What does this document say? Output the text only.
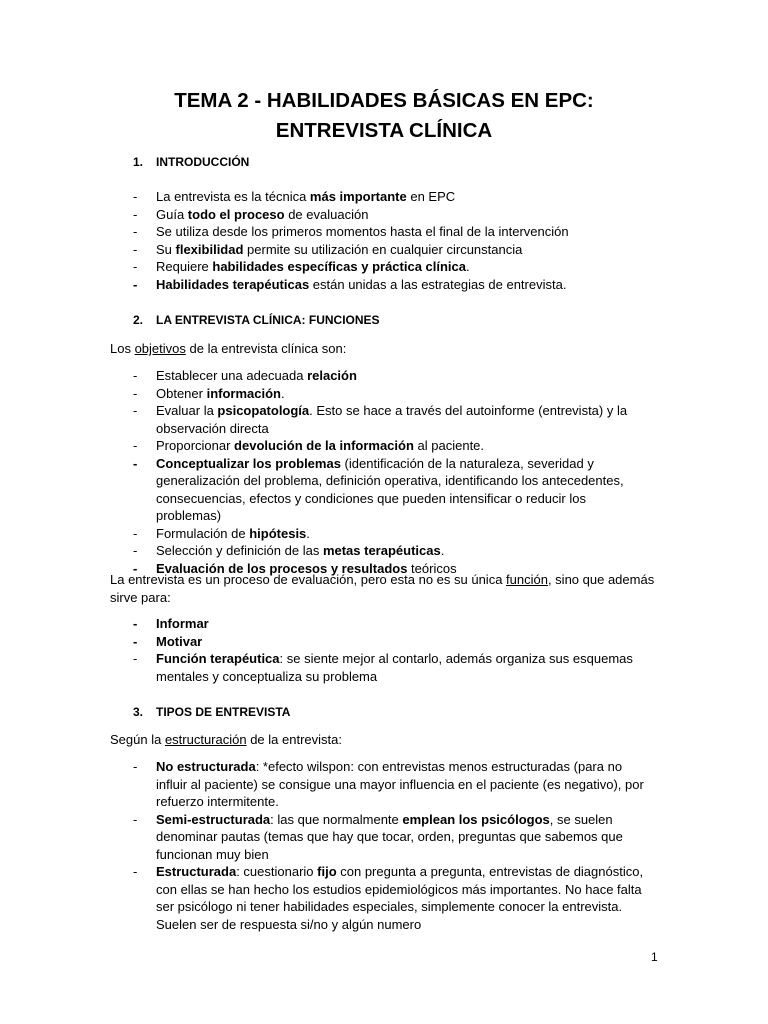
TEMA 2 - HABILIDADES BÁSICAS EN EPC: ENTREVISTA CLÍNICA
1. INTRODUCCIÓN
- La entrevista es la técnica más importante en EPC
- Guía todo el proceso de evaluación
- Se utiliza desde los primeros momentos hasta el final de la intervención
- Su flexibilidad permite su utilización en cualquier circunstancia
- Requiere habilidades específicas y práctica clínica.
- Habilidades terapéuticas están unidas a las estrategias de entrevista.
2. LA ENTREVISTA CLÍNICA: FUNCIONES

Los objetivos de la entrevista clínica son:

- Establecer una adecuada relación
- Obtener información.
- Evaluar la psicopatología. Esto se hace a través del autoinforme (entrevista) y la observación directa
- Proporcionar devolución de la información al paciente.
- Conceptualizar los problemas (identificación de la naturaleza, severidad y generalización del problema, definición operativa, identificando los antecedentes, consecuencias, efectos y condiciones que pueden intensificar o reducir los problemas)
- Formulación de hipótesis.
- Selección y definición de las metas terapéuticas.
- Evaluación de los procesos y resultados teóricos

La entrevista es un proceso de evaluación, pero esta no es su única función, sino que además sirve para:

- Informar
- Motivar
- Función terapéutica: se siente mejor al contarlo, además organiza sus esquemas mentales y conceptualiza su problema
3. TIPOS DE ENTREVISTA

Según la estructuración de la entrevista:

- No estructurada: *efecto wilspon: con entrevistas menos estructuradas (para no influir al paciente) se consigue una mayor influencia en el paciente (es negativo), por refuerzo intermitente.
- Semi-estructurada: las que normalmente emplean los psicólogos, se suelen denominar pautas (temas que hay que tocar, orden, preguntas que sabemos que funcionan muy bien
- Estructurada: cuestionario fijo con pregunta a pregunta, entrevistas de diagnóstico, con ellas se han hecho los estudios epidemiológicos más importantes. No hace falta ser psicólogo ni tener habilidades especiales, simplemente conocer la entrevista. Suelen ser de respuesta si/no y algún numero
1
